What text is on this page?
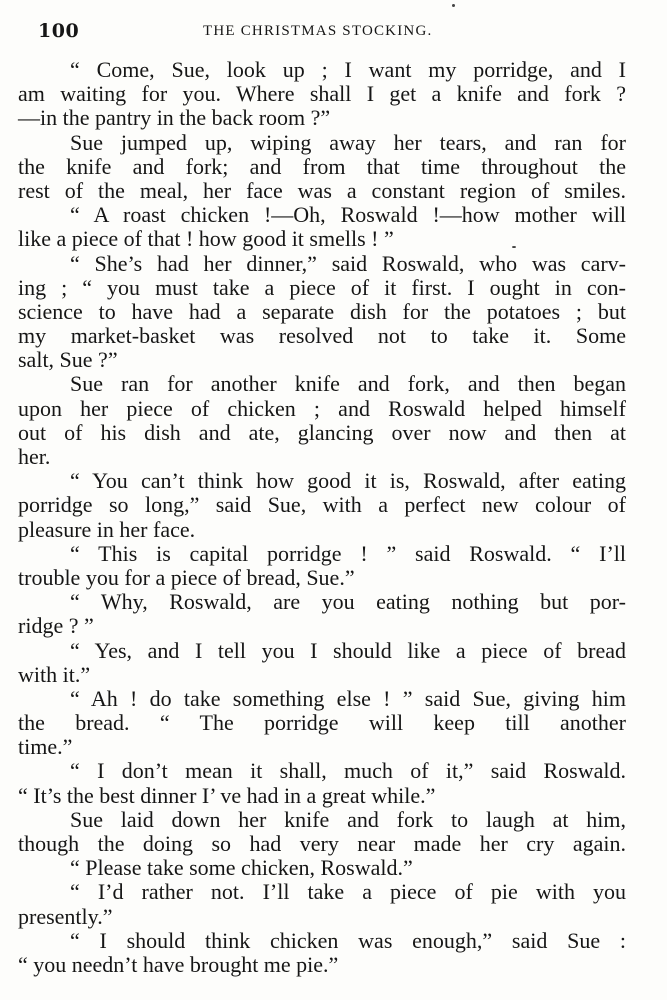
100	THE CHRISTMAS STOCKING.
“ Come, Sue, look up ; I want my porridge, and I
am waiting for you. Where shall I get a knife and fork ?
—in the pantry in the back room ?”
Sue jumped up, wiping away her tears, and ran for
the knife and fork; and from that time throughout the
rest of the meal, her face was a constant region of smiles.
“ A roast chicken !—Oh, Roswald !—how mother will
like a piece of that ! how good it smells ! ”
“ She’s had her dinner,” said Roswald, who was carv-
ing ; “ you must take a piece of it first. I ought in con-
science to have had a separate dish for the potatoes ; but
my market-basket was resolved not to take it. Some
salt, Sue ?”
Sue ran for another knife and fork, and then began
upon her piece of chicken ; and Roswald helped himself
out of his dish and ate, glancing over now and then at
her.
“ You can’t think how good it is, Roswald, after eating
porridge so long,” said Sue, with a perfect new colour of
pleasure in her face.
“ This is capital porridge ! ” said Roswald. “ I’ll
trouble you for a piece of bread, Sue.”
“ Why, Roswald, are you eating nothing but por-
ridge ? ”
“ Yes, and I tell you I should like a piece of bread
with it.”
“ Ah ! do take something else ! ” said Sue, giving him
the bread. “ The porridge will keep till another
time.”
“ I don’t mean it shall, much of it,” said Roswald.
“ It’s the best dinner I’ ve had in a great while.”
Sue laid down her knife and fork to laugh at him,
though the doing so had very near made her cry again.
“ Please take some chicken, Roswald.”
“ I’d rather not. I’ll take a piece of pie with you
presently.”
“ I should think chicken was enough,” said Sue :
“ you needn’t have brought me pie.”
